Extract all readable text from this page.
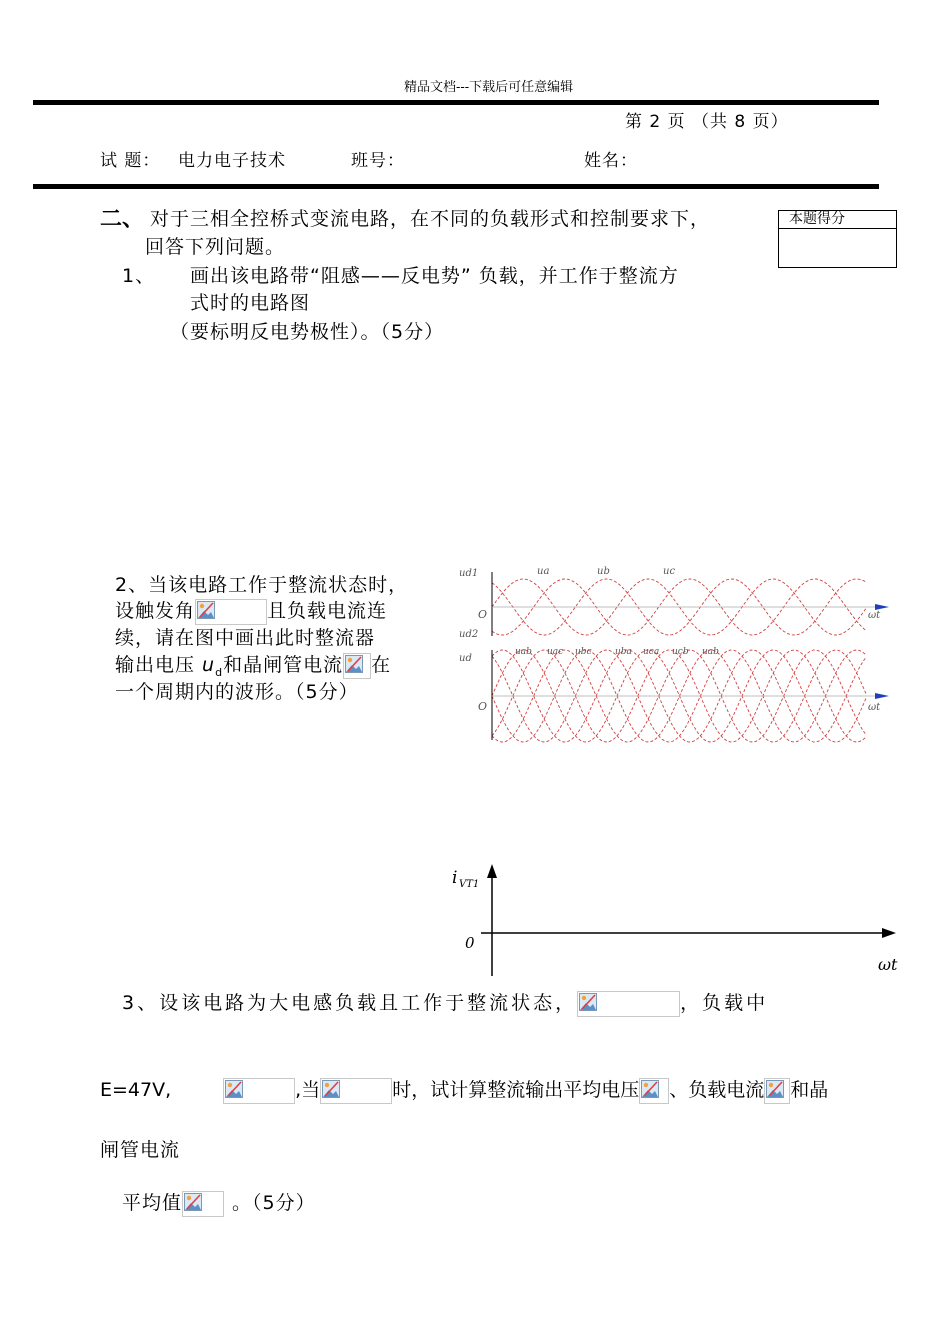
精品文档---下载后可任意编辑
第 2 页 （共 8 页）
试 题： 电力电子技术	班号：	姓名：
本题得分
二、 对于三相全控桥式变流电路，在不同的负载形式和控制要求下，
回答下列问题。
1、 画出该电路带“阻感——反电势” 负载，并工作于整流方
式时的电路图
（要标明反电势极性）。（5分）
2、当该电路工作于整流状态时，
设触发角	且负载电流连
续，请在图中画出此时整流器
输出电压 $u_d$和晶闸管电流 在
一个周期内的波形。（5分）
ud1
ud2
ua	ub	uc
O	ωt
ud
uab uac ubc	uba uca ucb uab
O	ωt
i VT1
0
ωt
3、设该电路为大电感负载且工作于整流状态，	，负载中
E=47V,	,当	时，试计算整流输出平均电压 、负载电流 和晶
闸管电流
平均值	。（5分）
